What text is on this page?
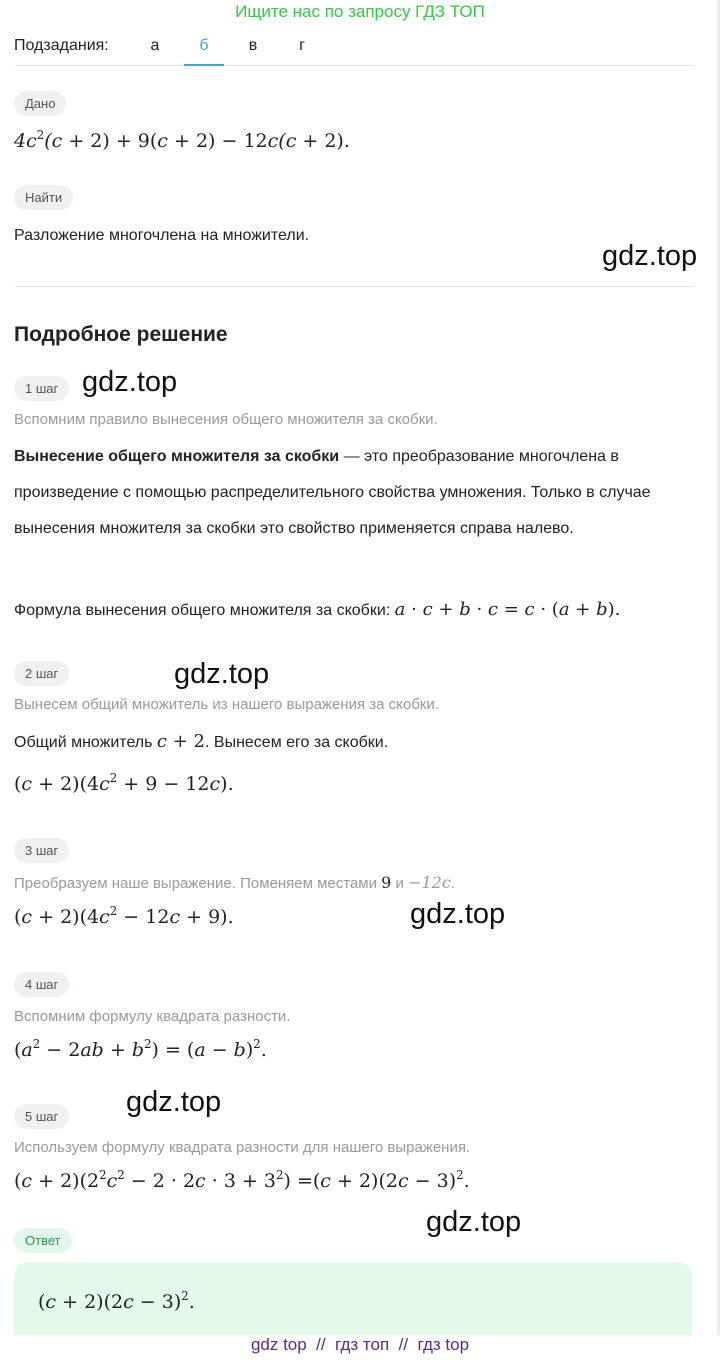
Ищите нас по запросу ГДЗ ТОП
Подзадания:	а	б	в	г
Дано
$4c^2(c + 2) + 9(c + 2) - 12c(c + 2)$.
Найти
Разложение многочлена на множители.
gdz.top
Подробное решение
1 шаг gdz.top
Вспомним правило вынесения общего множителя за скобки.
Вынесение общего множителя за скобки — это преобразование многочлена в произведение с помощью распределительного свойства умножения. Только в случае вынесения множителя за скобки это свойство применяется справа налево.
Формула вынесения общего множителя за скобки: a · c + b · c = c · (a + b).
2 шаг	gdz.top
Вынесем общий множитель из нашего выражения за скобки.
Общий множитель c + 2. Вынесем его за скобки.
$(c + 2)(4c^2 + 9 - 12c)$.
3 шаг
Преобразуем наше выражение. Поменяем местами 9 и −12c.
gdz.top
$(c + 2)(4c^2 - 12c + 9)$.
4 шаг
Вспомним формулу квадрата разности.
$(a^2 - 2ab + b^2) = (a - b)^2$.
5 шаг	gdz.top
Используем формулу квадрата разности для нашего выражения.
$(c + 2)(2^2c^2 - 2 \cdot 2c \cdot 3 + 3^2) =(c + 2)(2c - 3)^2$.
gdz.top
Ответ
$(c + 2)(2c - 3)^2$.
gdz top  //  гдз топ  //  гдз top
